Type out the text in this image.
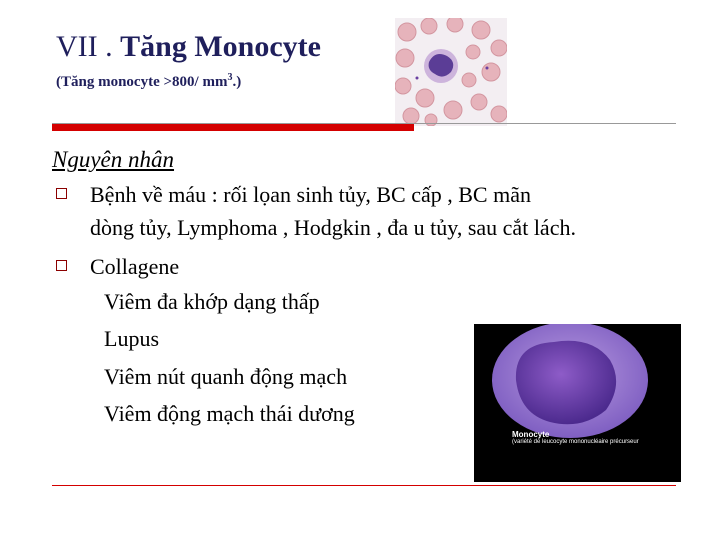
VII . Tăng Monocyte
(Tăng monocyte >800/ $mm^3$.)
Nguyên nhân
Bệnh về máu : rối lọan sinh tủy, BC cấp , BC mãn
dòng tủy, Lymphoma , Hodgkin , đa u tủy, sau cắt lách.
Collagene
Viêm đa khớp dạng thấp
Lupus
Viêm nút quanh động mạch
Viêm động mạch thái dương
Monocyte
(variété de leucocyte mononucléaire précurseur
